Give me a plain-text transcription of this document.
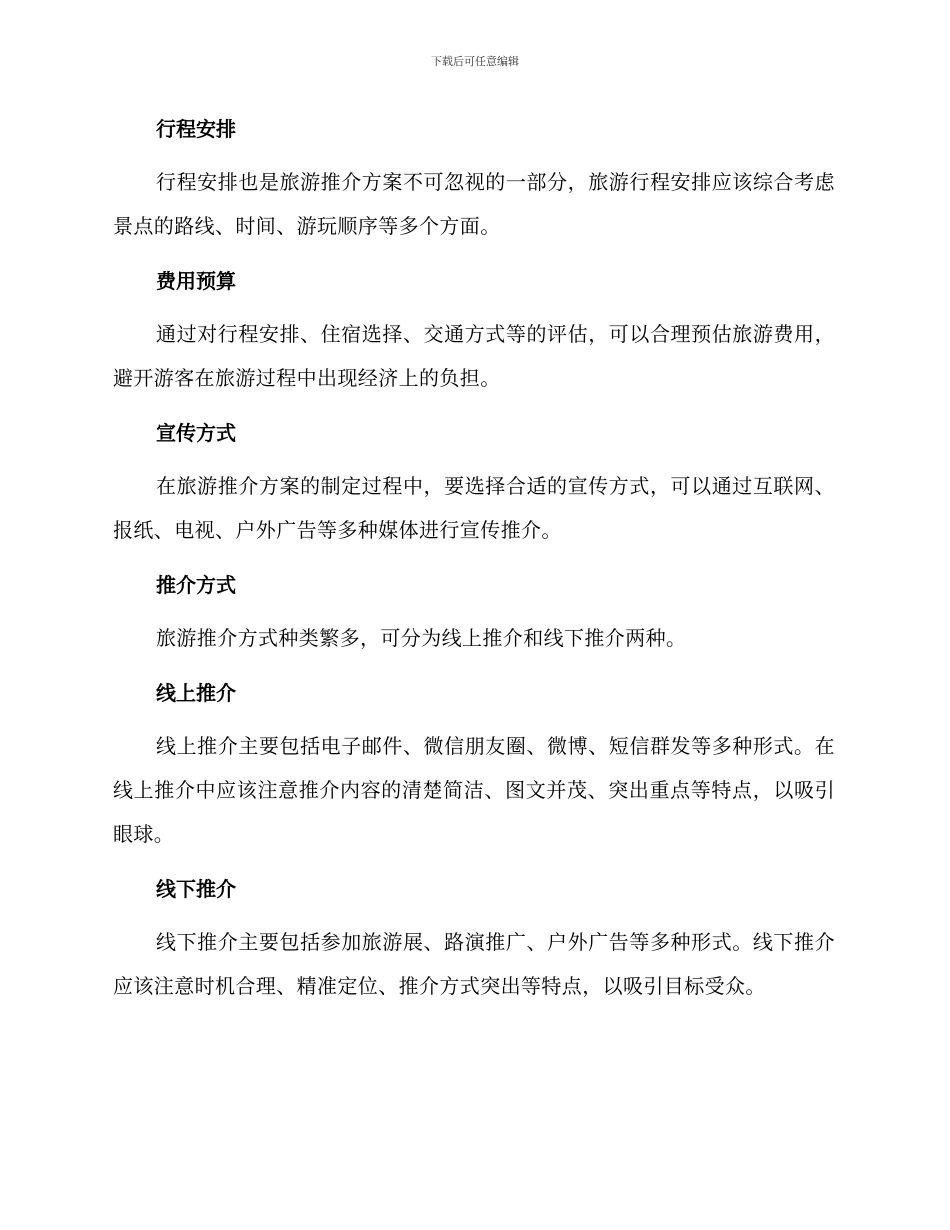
下载后可任意编辑
行程安排

行程安排也是旅游推介方案不可忽视的一部分，旅游行程安排应该综合考虑景点的路线、时间、游玩顺序等多个方面。

费用预算

通过对行程安排、住宿选择、交通方式等的评估，可以合理预估旅游费用，避开游客在旅游过程中出现经济上的负担。

宣传方式

在旅游推介方案的制定过程中，要选择合适的宣传方式，可以通过互联网、报纸、电视、户外广告等多种媒体进行宣传推介。

推介方式

旅游推介方式种类繁多，可分为线上推介和线下推介两种。

线上推介

线上推介主要包括电子邮件、微信朋友圈、微博、短信群发等多种形式。在线上推介中应该注意推介内容的清楚简洁、图文并茂、突出重点等特点，以吸引眼球。

线下推介

线下推介主要包括参加旅游展、路演推广、户外广告等多种形式。线下推介应该注意时机合理、精准定位、推介方式突出等特点，以吸引目标受众。
